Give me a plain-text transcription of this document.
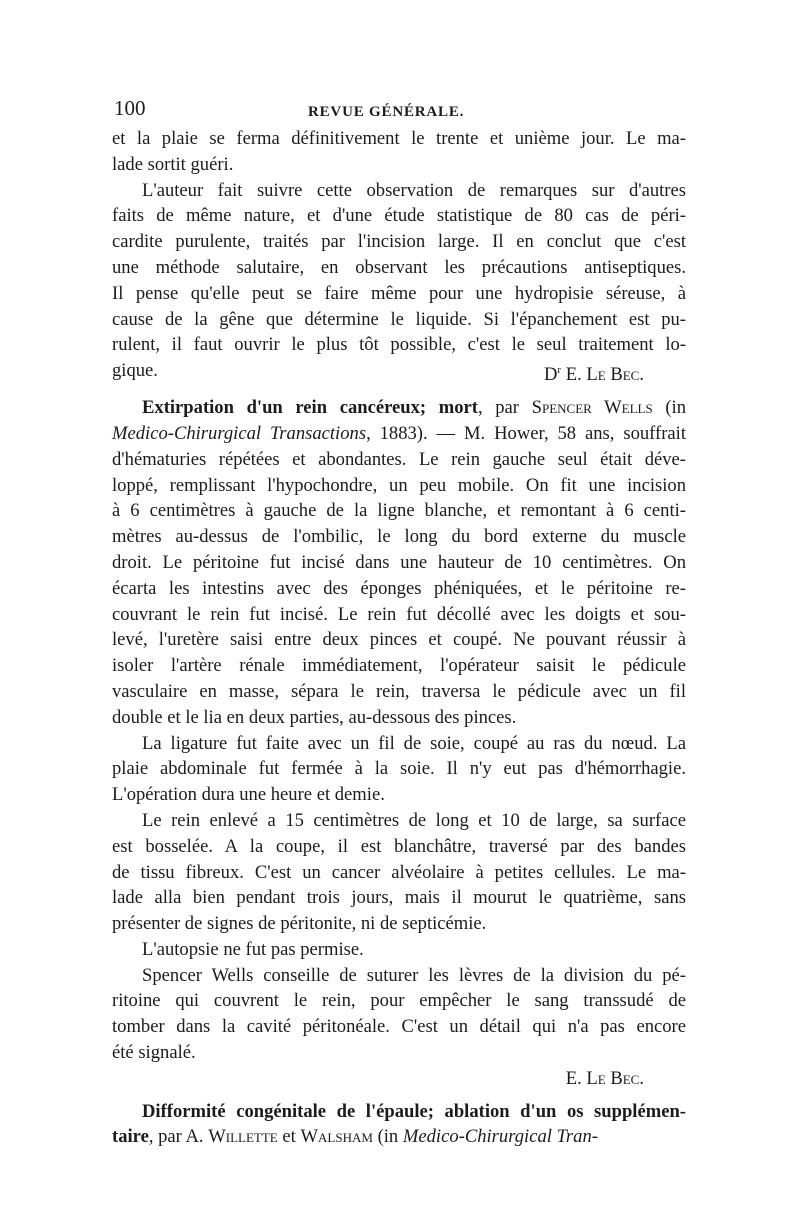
100	REVUE GÉNÉRALE.
et la plaie se ferma définitivement le trente et unième jour. Le ma-
lade sortit guéri.
L'auteur fait suivre cette observation de remarques sur d'autres
faits de même nature, et d'une étude statistique de 80 cas de péri-
cardite purulente, traités par l'incision large. Il en conclut que c'est
une méthode salutaire, en observant les précautions antiseptiques.
Il pense qu'elle peut se faire même pour une hydropisie séreuse, à
cause de la gêne que détermine le liquide. Si l'épanchement est pu-
rulent, il faut ouvrir le plus tôt possible, c'est le seul traitement lo-
gique.	$D^r$ E. Le Bec.
Extirpation d'un rein cancéreux; mort, par Spencer Wells (in
Medico-Chirurgical Transactions, 1883). — M. Hower, 58 ans, souffrait
d'hématuries répétées et abondantes. Le rein gauche seul était déve-
loppé, remplissant l'hypochondre, un peu mobile. On fit une incision
à 6 centimètres à gauche de la ligne blanche, et remontant à 6 centi-
mètres au-dessus de l'ombilic, le long du bord externe du muscle
droit. Le péritoine fut incisé dans une hauteur de 10 centimètres. On
écarta les intestins avec des éponges phéniquées, et le péritoine re-
couvrant le rein fut incisé. Le rein fut décollé avec les doigts et sou-
levé, l'uretère saisi entre deux pinces et coupé. Ne pouvant réussir à
isoler l'artère rénale immédiatement, l'opérateur saisit le pédicule
vasculaire en masse, sépara le rein, traversa le pédicule avec un fil
double et le lia en deux parties, au-dessous des pinces.
La ligature fut faite avec un fil de soie, coupé au ras du nœud. La
plaie abdominale fut fermée à la soie. Il n'y eut pas d'hémorrhagie.
L'opération dura une heure et demie.
Le rein enlevé a 15 centimètres de long et 10 de large, sa surface
est bosselée. A la coupe, il est blanchâtre, traversé par des bandes
de tissu fibreux. C'est un cancer alvéolaire à petites cellules. Le ma-
lade alla bien pendant trois jours, mais il mourut le quatrième, sans
présenter de signes de péritonite, ni de septicémie.
L'autopsie ne fut pas permise.
Spencer Wells conseille de suturer les lèvres de la division du pé-
ritoine qui couvrent le rein, pour empêcher le sang transsudé de
tomber dans la cavité péritonéale. C'est un détail qui n'a pas encore
été signalé.
E. Le Bec.
Difformité congénitale de l'épaule; ablation d'un os supplémen-
taire, par A. Willette et Walsham (in Medico-Chirurgical Tran-
